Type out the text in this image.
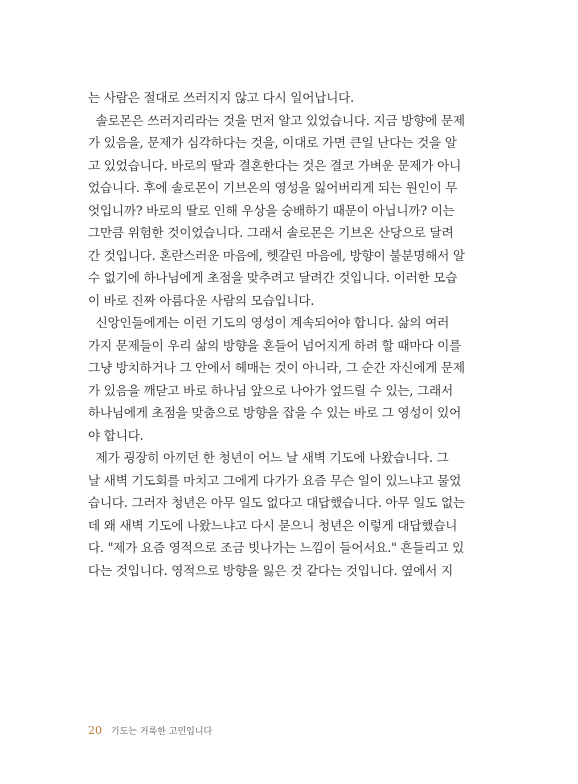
는 사람은 절대로 쓰러지지 않고 다시 일어납니다.
솔로몬은 쓰러지리라는 것을 먼저 알고 있었습니다. 지금 방향에 문제
가 있음을, 문제가 심각하다는 것을, 이대로 가면 큰일 난다는 것을 알
고 있었습니다. 바로의 딸과 결혼한다는 것은 결코 가벼운 문제가 아니
었습니다. 후에 솔로몬이 기브온의 영성을 잃어버리게 되는 원인이 무
엇입니까? 바로의 딸로 인해 우상을 숭배하기 때문이 아닙니까? 이는
그만큼 위험한 것이었습니다. 그래서 솔로몬은 기브온 산당으로 달려
간 것입니다. 혼란스러운 마음에, 헷갈린 마음에, 방향이 불분명해서 알
수 없기에 하나님에게 초점을 맞추려고 달려간 것입니다. 이러한 모습
이 바로 진짜 아름다운 사람의 모습입니다.
신앙인들에게는 이런 기도의 영성이 계속되어야 합니다. 삶의 여러
가지 문제들이 우리 삶의 방향을 혼들어 넘어지게 하려 할 때마다 이를
그냥 방치하거나 그 안에서 헤매는 것이 아니라, 그 순간 자신에게 문제
가 있음을 깨닫고 바로 하나님 앞으로 나아가 엎드릴 수 있는, 그래서
하나님에게 초점을 맞춤으로 방향을 잡을 수 있는 바로 그 영성이 있어
야 합니다.
제가 굉장히 아끼던 한 청년이 어느 날 새벽 기도에 나왔습니다. 그
날 새벽 기도회를 마치고 그에게 다가가 요즘 무슨 일이 있느냐고 물었
습니다. 그러자 청년은 아무 일도 없다고 대답했습니다. 아무 일도 없는
데 왜 새벽 기도에 나왔느냐고 다시 묻으니 청년은 이렇게 대답했습니
다. "제가 요즘 영적으로 조금 빗나가는 느낌이 들어서요." 흔들리고 있
다는 것입니다. 영적으로 방향을 잃은 것 같다는 것입니다. 옆에서 지
20 기도는 거룩한 고민입니다
